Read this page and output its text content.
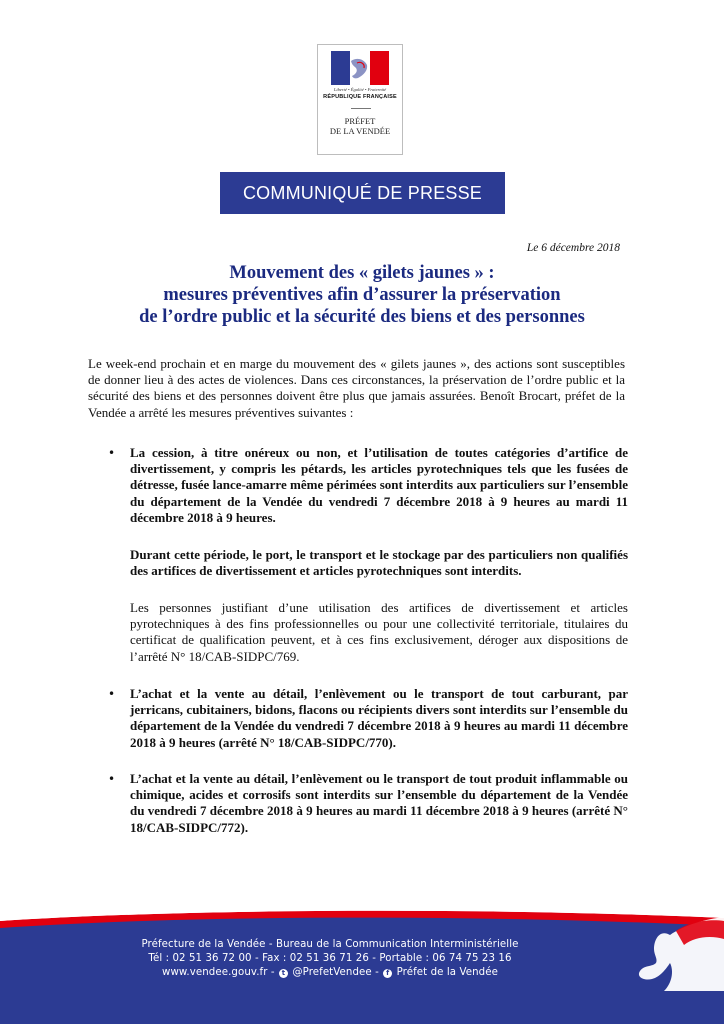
Liberté • Égalité • Fraternité
RÉPUBLIQUE FRANÇAISE
PRÉFET
DE LA VENDÉE
COMMUNIQUÉ DE PRESSE
Le 6 décembre 2018
Mouvement des « gilets jaunes » :
mesures préventives afin d’assurer la préservation
de l’ordre public et la sécurité des biens et des personnes

Le week-end prochain et en marge du mouvement des « gilets jaunes », des actions sont susceptibles de donner lieu à des actes de violences. Dans ces circonstances, la préservation de l’ordre public et la sécurité des biens et des personnes doivent être plus que jamais assurées. Benoît Brocart, préfet de la Vendée a arrêté les mesures préventives suivantes :

• La cession, à titre onéreux ou non, et l’utilisation de toutes catégories d’artifice de divertissement, y compris les pétards, les articles pyrotechniques tels que les fusées de détresse, fusée lance-amarre même périmées sont interdits aux particuliers sur l’ensemble du département de la Vendée du vendredi 7 décembre 2018 à 9 heures au mardi 11 décembre 2018 à 9 heures.

Durant cette période, le port, le transport et le stockage par des particuliers non qualifiés des artifices de divertissement et articles pyrotechniques sont interdits.

Les personnes justifiant d’une utilisation des artifices de divertissement et articles pyrotechniques à des fins professionnelles ou pour une collectivité territoriale, titulaires du certificat de qualification peuvent, et à ces fins exclusivement, déroger aux dispositions de l’arrêté N° 18/CAB-SIDPC/769.

• L’achat et la vente au détail, l’enlèvement ou le transport de tout carburant, par jerricans, cubitainers, bidons, flacons ou récipients divers sont interdits sur l’ensemble du département de la Vendée du vendredi 7 décembre 2018 à 9 heures au mardi 11 décembre 2018 à 9 heures (arrêté N° 18/CAB-SIDPC/770).

• L’achat et la vente au détail, l’enlèvement ou le transport de tout produit inflammable ou chimique, acides et corrosifs sont interdits sur l’ensemble du département de la Vendée du vendredi 7 décembre 2018 à 9 heures au mardi 11 décembre 2018 à 9 heures (arrêté N° 18/CAB-SIDPC/772).

Préfecture de la Vendée - Bureau de la Communication Interministérielle
Tél : 02 51 36 72 00 - Fax : 02 51 36 71 26 - Portable : 06 74 75 23 16
www.vendee.gouv.fr - t @PrefetVendee - f Préfet de la Vendée
